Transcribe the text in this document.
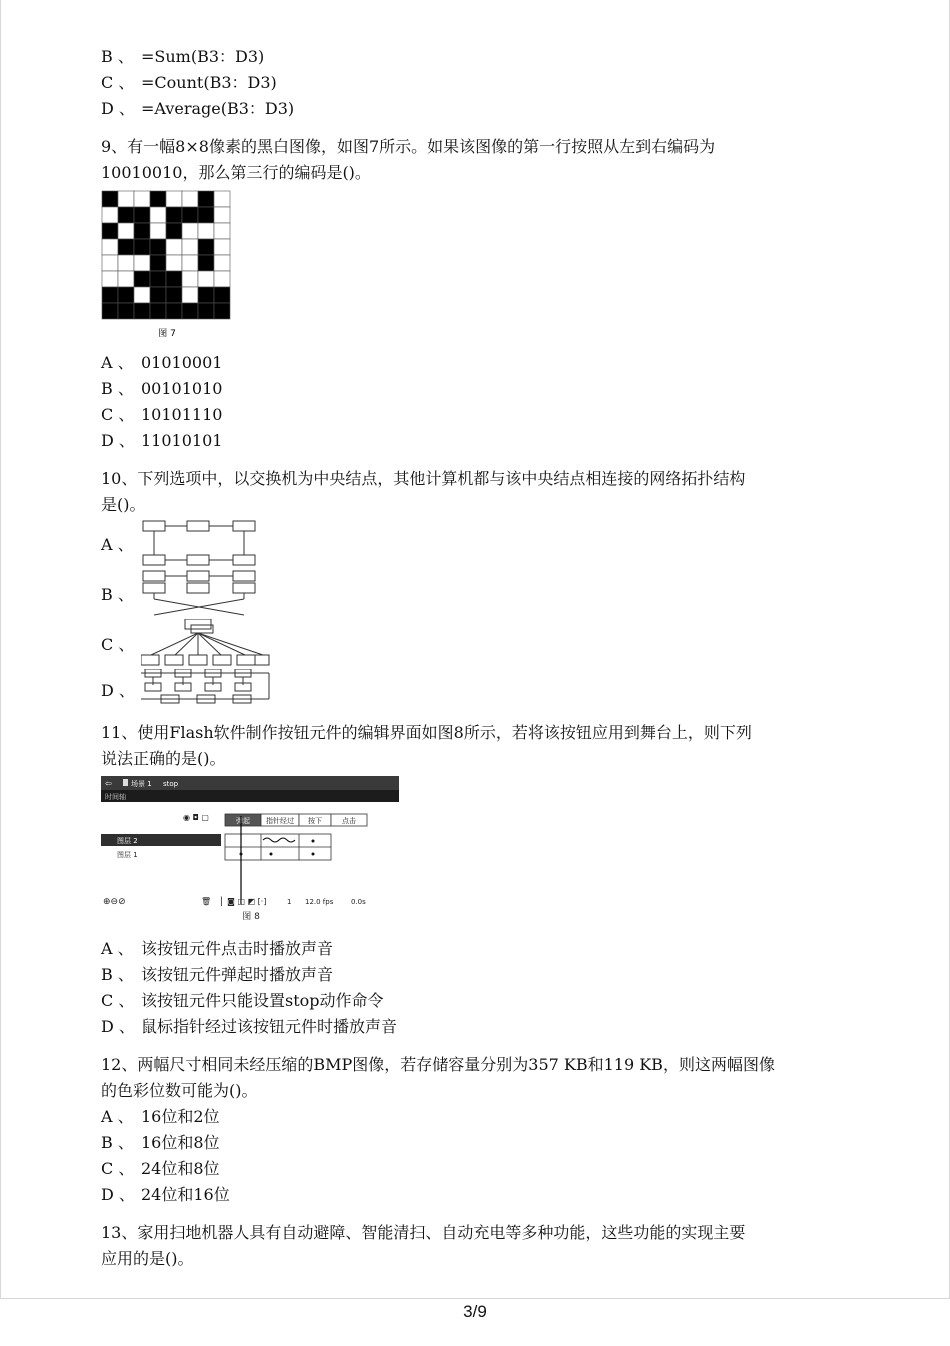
B 、 =Sum(B3：D3)
C 、 =Count(B3：D3)
D 、 =Average(B3：D3)
9、有一幅8×8像素的黑白图像，如图7所示。如果该图像的第一行按照从左到右编码为
10010010，那么第三行的编码是()。
图 7
A 、 01010001
B 、 00101010
C 、 10101110
D 、 11010101
10、下列选项中，以交换机为中央结点，其他计算机都与该中央结点相连接的网络拓扑结构
是()。
A 、
B 、
C 、
D 、
11、使用Flash软件制作按钮元件的编辑界面如图8所示，若将该按钮应用到舞台上，则下列
说法正确的是()。
⇦	场景 1 stop
时间轴
◉ ◘ ▢	弹起 指针经过 按下	点击
图层 2
图层 1
⊕⊖⊘	🗑 ▏◙ ◫ ◩ [·]	1 12.0 fps	0.0s
图 8
A 、 该按钮元件点击时播放声音
B 、 该按钮元件弹起时播放声音
C 、 该按钮元件只能设置stop动作命令
D 、 鼠标指针经过该按钮元件时播放声音
12、两幅尺寸相同未经压缩的BMP图像，若存储容量分别为357 KB和119 KB，则这两幅图像
的色彩位数可能为()。
A 、 16位和2位
B 、 16位和8位
C 、 24位和8位
D 、 24位和16位
13、家用扫地机器人具有自动避障、智能清扫、自动充电等多种功能，这些功能的实现主要
应用的是()。
3/9
